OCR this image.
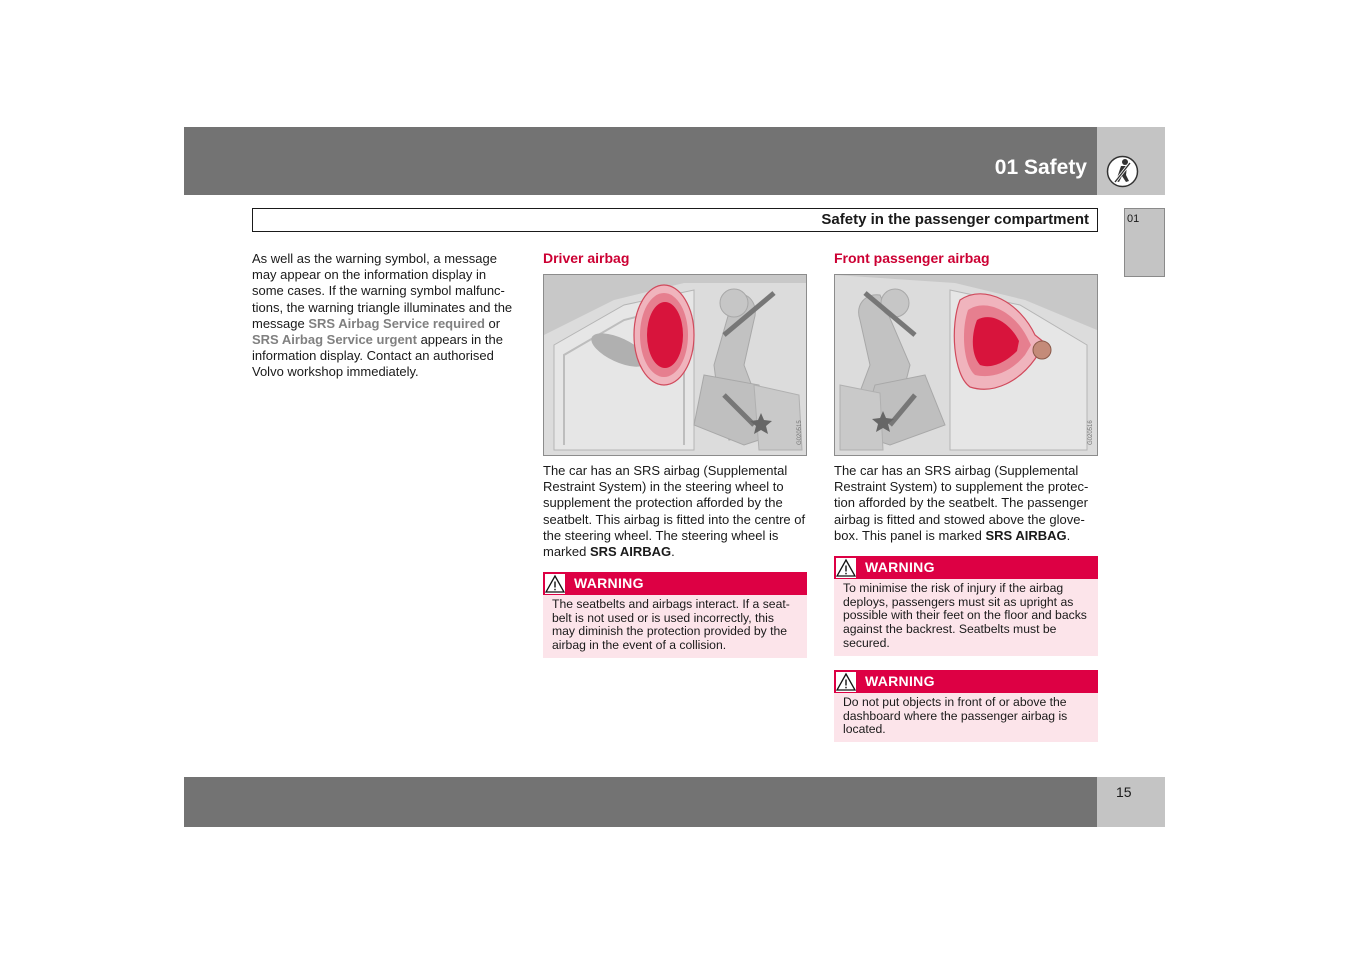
01 Safety
Safety in the passenger compartment	01

As well as the warning symbol, a message may appear on the information display in some cases. If the warning symbol malfunc-tions, the warning triangle illuminates and the message SRS Airbag Service required or SRS Airbag Service urgent appears in the information display. Contact an authorised Volvo workshop immediately.

Driver airbag
G020515

The car has an SRS airbag (Supplemental Restraint System) in the steering wheel to supplement the protection afforded by the seatbelt. This airbag is fitted into the centre of the steering wheel. The steering wheel is marked SRS AIRBAG.

WARNING
The seatbelts and airbags interact. If a seat-belt is not used or is used incorrectly, this may diminish the protection provided by the airbag in the event of a collision.
Front passenger airbag
G020516

The car has an SRS airbag (Supplemental Restraint System) to supplement the protec-tion afforded by the seatbelt. The passenger airbag is fitted and stowed above the glove-box. This panel is marked SRS AIRBAG.

WARNING
To minimise the risk of injury if the airbag deploys, passengers must sit as upright as possible with their feet on the floor and backs against the backrest. Seatbelts must be secured.
WARNING
Do not put objects in front of or above the dashboard where the passenger airbag is located.
15
